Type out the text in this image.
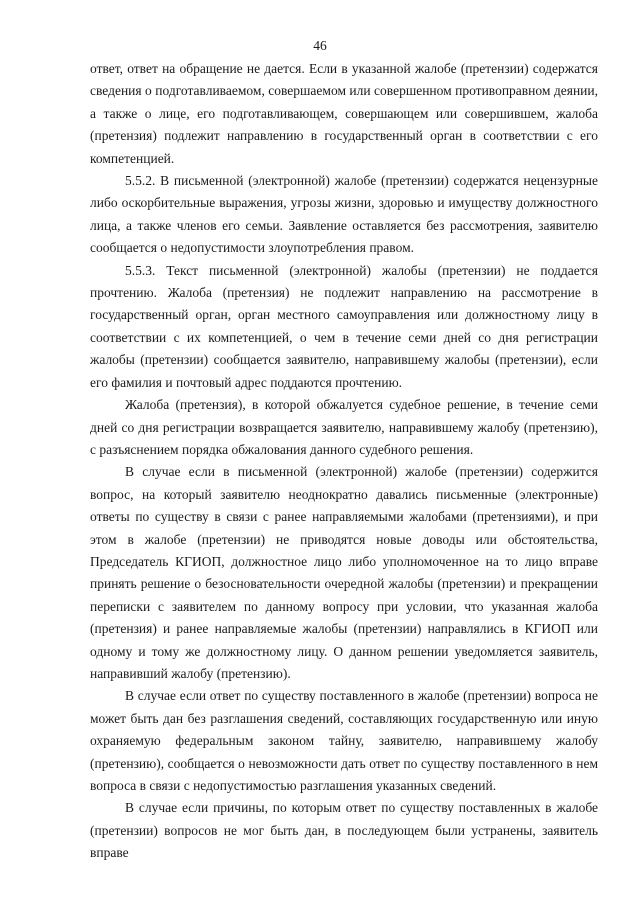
46

ответ, ответ на обращение не дается. Если в указанной жалобе (претензии) содержатся сведения о подготавливаемом, совершаемом или совершенном противоправном деянии, а также о лице, его подготавливающем, совершающем или совершившем, жалоба (претензия) подлежит направлению в государственный орган в соответствии с его компетенцией.

5.5.2. В письменной (электронной) жалобе (претензии) содержатся нецензурные либо оскорбительные выражения, угрозы жизни, здоровью и имуществу должностного лица, а также членов его семьи. Заявление оставляется без рассмотрения, заявителю сообщается о недопустимости злоупотребления правом.

5.5.3. Текст письменной (электронной) жалобы (претензии) не поддается прочтению. Жалоба (претензия) не подлежит направлению на рассмотрение в государственный орган, орган местного самоуправления или должностному лицу в соответствии с их компетенцией, о чем в течение семи дней со дня регистрации жалобы (претензии) сообщается заявителю, направившему жалобы (претензии), если его фамилия и почтовый адрес поддаются прочтению.

Жалоба (претензия), в которой обжалуется судебное решение, в течение семи дней со дня регистрации возвращается заявителю, направившему жалобу (претензию), с разъяснением порядка обжалования данного судебного решения.

В случае если в письменной (электронной) жалобе (претензии) содержится вопрос, на который заявителю неоднократно давались письменные (электронные) ответы по существу в связи с ранее направляемыми жалобами (претензиями), и при этом в жалобе (претензии) не приводятся новые доводы или обстоятельства, Председатель КГИОП, должностное лицо либо уполномоченное на то лицо вправе принять решение о безосновательности очередной жалобы (претензии) и прекращении переписки с заявителем по данному вопросу при условии, что указанная жалоба (претензия) и ранее направляемые жалобы (претензии) направлялись в КГИОП или одному и тому же должностному лицу. О данном решении уведомляется заявитель, направивший жалобу (претензию).

В случае если ответ по существу поставленного в жалобе (претензии) вопроса не может быть дан без разглашения сведений, составляющих государственную или иную охраняемую федеральным законом тайну, заявителю, направившему жалобу (претензию), сообщается о невозможности дать ответ по существу поставленного в нем вопроса в связи с недопустимостью разглашения указанных сведений.

В случае если причины, по которым ответ по существу поставленных в жалобе (претензии) вопросов не мог быть дан, в последующем были устранены, заявитель вправе
